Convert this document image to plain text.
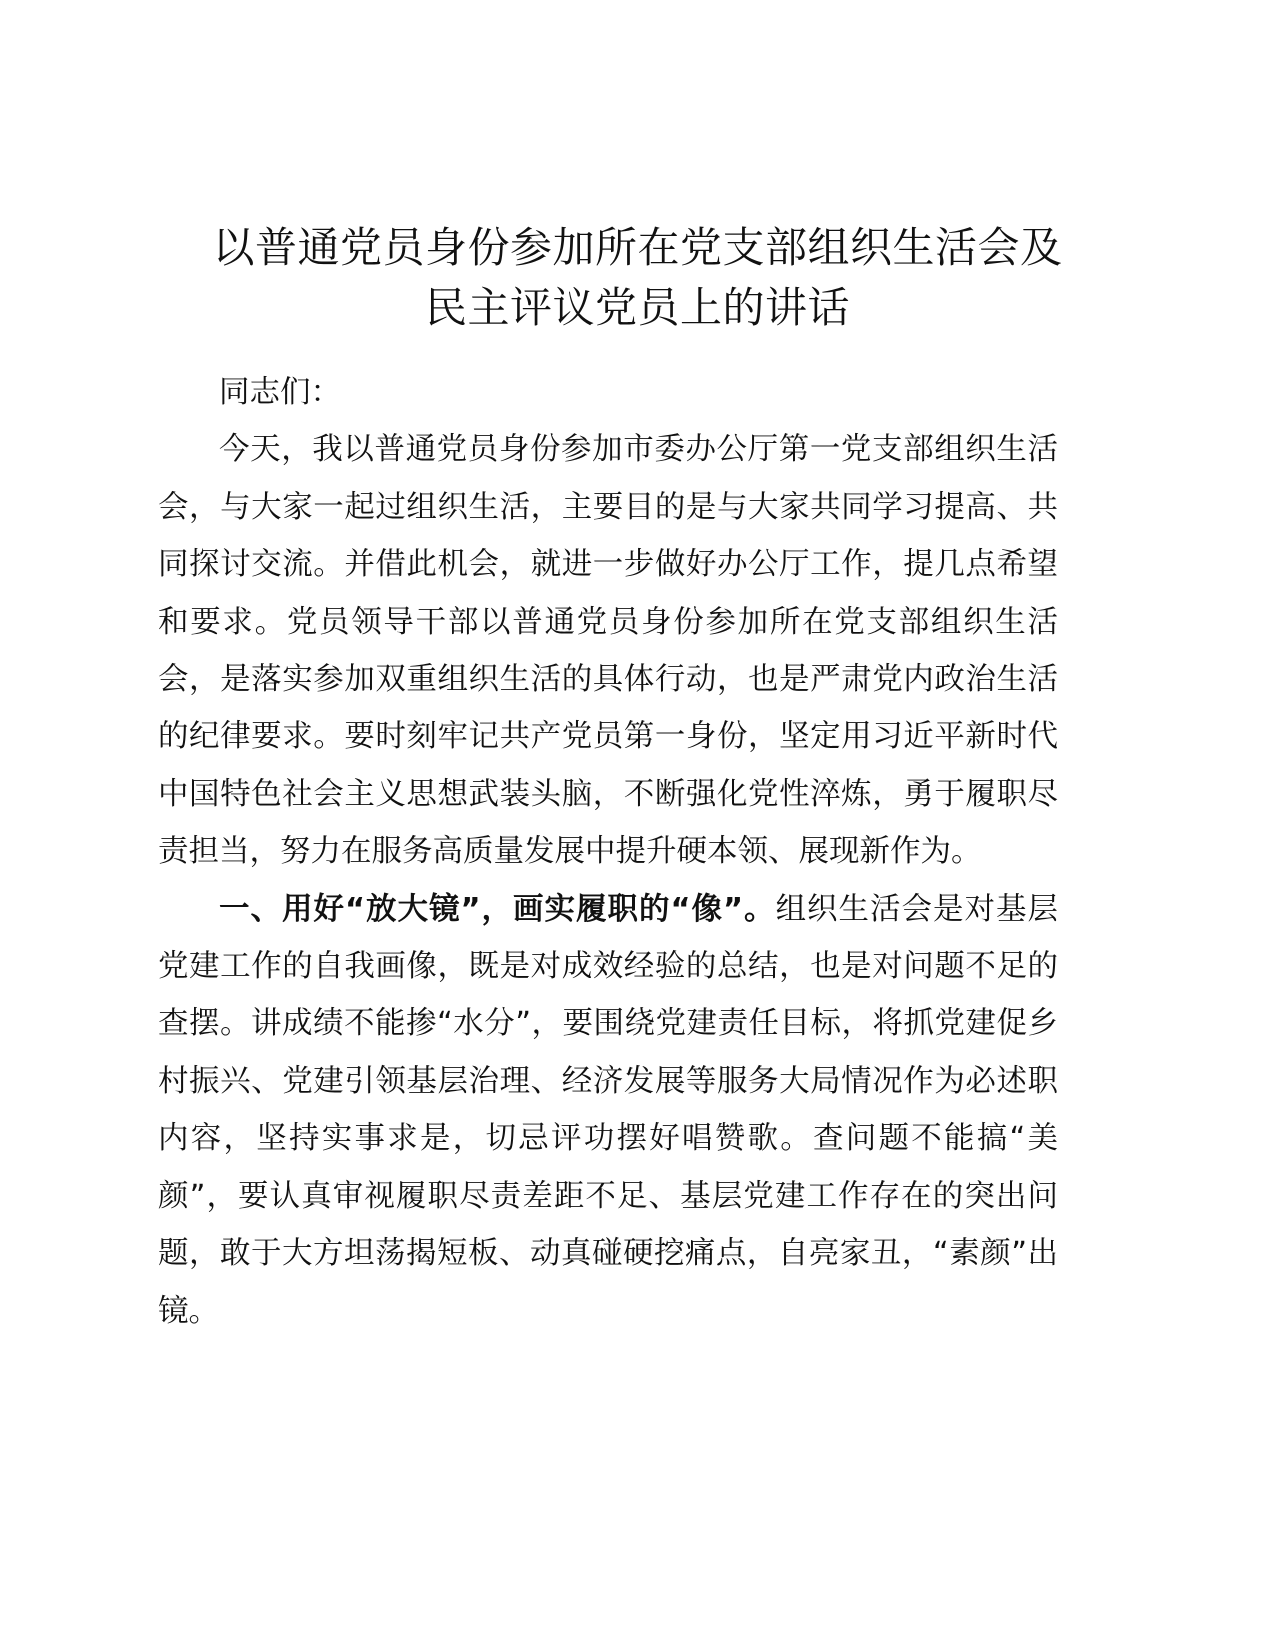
以普通党员身份参加所在党支部组织生活会及
民主评议党员上的讲话

同志们：

今天，我以普通党员身份参加市委办公厅第一党支部组织生活会，与大家一起过组织生活，主要目的是与大家共同学习提高、共同探讨交流。并借此机会，就进一步做好办公厅工作，提几点希望和要求。党员领导干部以普通党员身份参加所在党支部组织生活会，是落实参加双重组织生活的具体行动，也是严肃党内政治生活的纪律要求。要时刻牢记共产党员第一身份，坚定用习近平新时代中国特色社会主义思想武装头脑，不断强化党性淬炼，勇于履职尽责担当，努力在服务高质量发展中提升硬本领、展现新作为。

一、用好“放大镜”，画实履职的“像”。组织生活会是对基层党建工作的自我画像，既是对成效经验的总结，也是对问题不足的查摆。讲成绩不能掺“水分”，要围绕党建责任目标，将抓党建促乡村振兴、党建引领基层治理、经济发展等服务大局情况作为必述职内容，坚持实事求是，切忌评功摆好唱赞歌。查问题不能搞“美颜”，要认真审视履职尽责差距不足、基层党建工作存在的突出问题，敢于大方坦荡揭短板、动真碰硬挖痛点，自亮家丑，“素颜”出镜。
